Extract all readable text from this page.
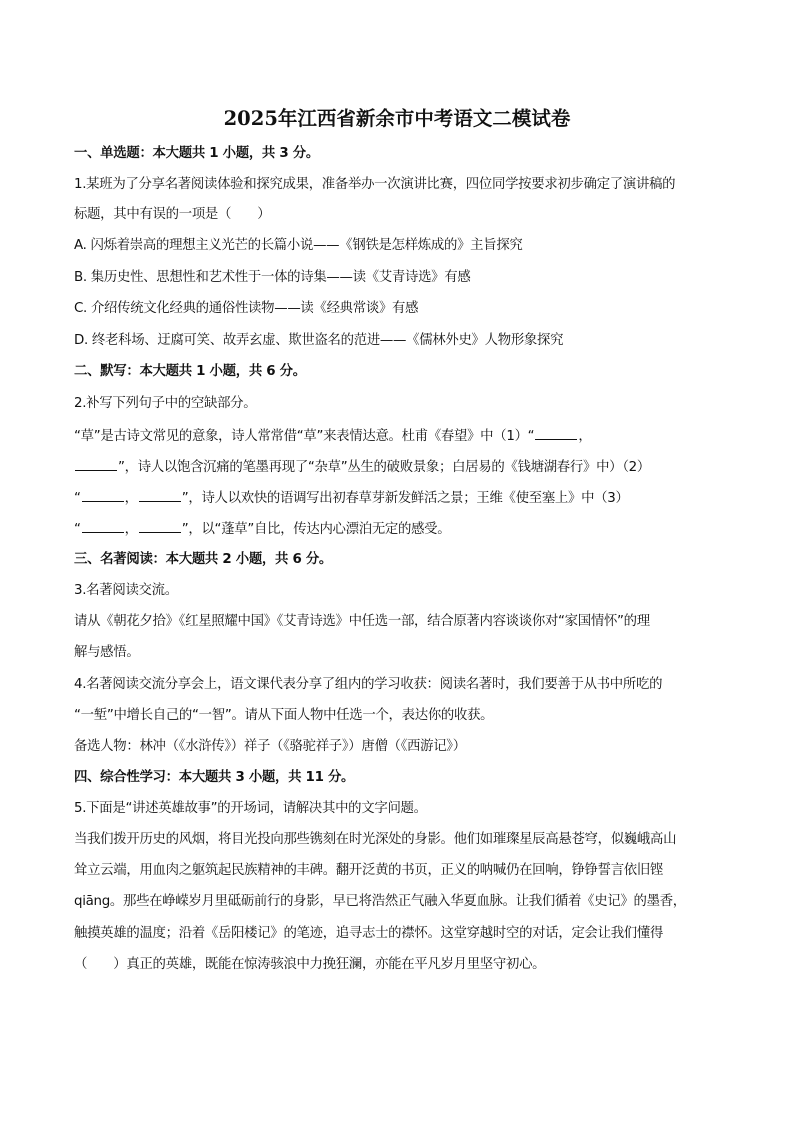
2025年江西省新余市中考语文二模试卷
一、单选题：本大题共 1 小题，共 3 分。
1.某班为了分享名著阅读体验和探究成果，准备举办一次演讲比赛，四位同学按要求初步确定了演讲稿的
标题，其中有误的一项是（　　）
A. 闪烁着崇高的理想主义光芒的长篇小说——《钢铁是怎样炼成的》主旨探究
B. 集历史性、思想性和艺术性于一体的诗集——读《艾青诗选》有感
C. 介绍传统文化经典的通俗性读物——读《经典常谈》有感
D. 终老科场、迂腐可笑、故弄玄虚、欺世盗名的范进——《儒林外史》人物形象探究
二、默写：本大题共 1 小题，共 6 分。
2.补写下列句子中的空缺部分。
“草”是古诗文常见的意象，诗人常常借“草”来表情达意。杜甫《春望》中（1）“	，
”，诗人以饱含沉痛的笔墨再现了“杂草”丛生的破败景象；白居易的《钱塘湖春行》中）（2）
“	，	”，诗人以欢快的语调写出初春草芽新发鲜活之景；王维《使至塞上》中（3）
“	，	”，以“蓬草”自比，传达内心漂泊无定的感受。
三、名著阅读：本大题共 2 小题，共 6 分。
3.名著阅读交流。
请从《朝花夕拾》《红星照耀中国》《艾青诗选》中任选一部，结合原著内容谈谈你对“家国情怀”的理
解与感悟。
4.名著阅读交流分享会上，语文课代表分享了组内的学习收获：阅读名著时，我们要善于从书中所吃的
“一堑”中增长自己的“一智”。请从下面人物中任选一个，表达你的收获。
备选人物：林冲（《水浒传》）祥子（《骆驼祥子》）唐僧（《西游记》）
四、综合性学习：本大题共 3 小题，共 11 分。
5.下面是“讲述英雄故事”的开场词，请解决其中的文字问题。
当我们拨开历史的风烟，将目光投向那些镌刻在时光深处的身影。他们如璀璨星辰高悬苍穹，似巍峨高山
耸立云端，用血肉之躯筑起民族精神的丰碑。翻开泛黄的书页，正义的呐喊仍在回响，铮铮誓言依旧铿
qiāng。那些在峥嵘岁月里砥砺前行的身影，早已将浩然正气融入华夏血脉。让我们循着《史记》的墨香，
触摸英雄的温度；沿着《岳阳楼记》的笔迹，追寻志士的襟怀。这堂穿越时空的对话，定会让我们懂得
（　　）真正的英雄，既能在惊涛骇浪中力挽狂澜，亦能在平凡岁月里坚守初心。
